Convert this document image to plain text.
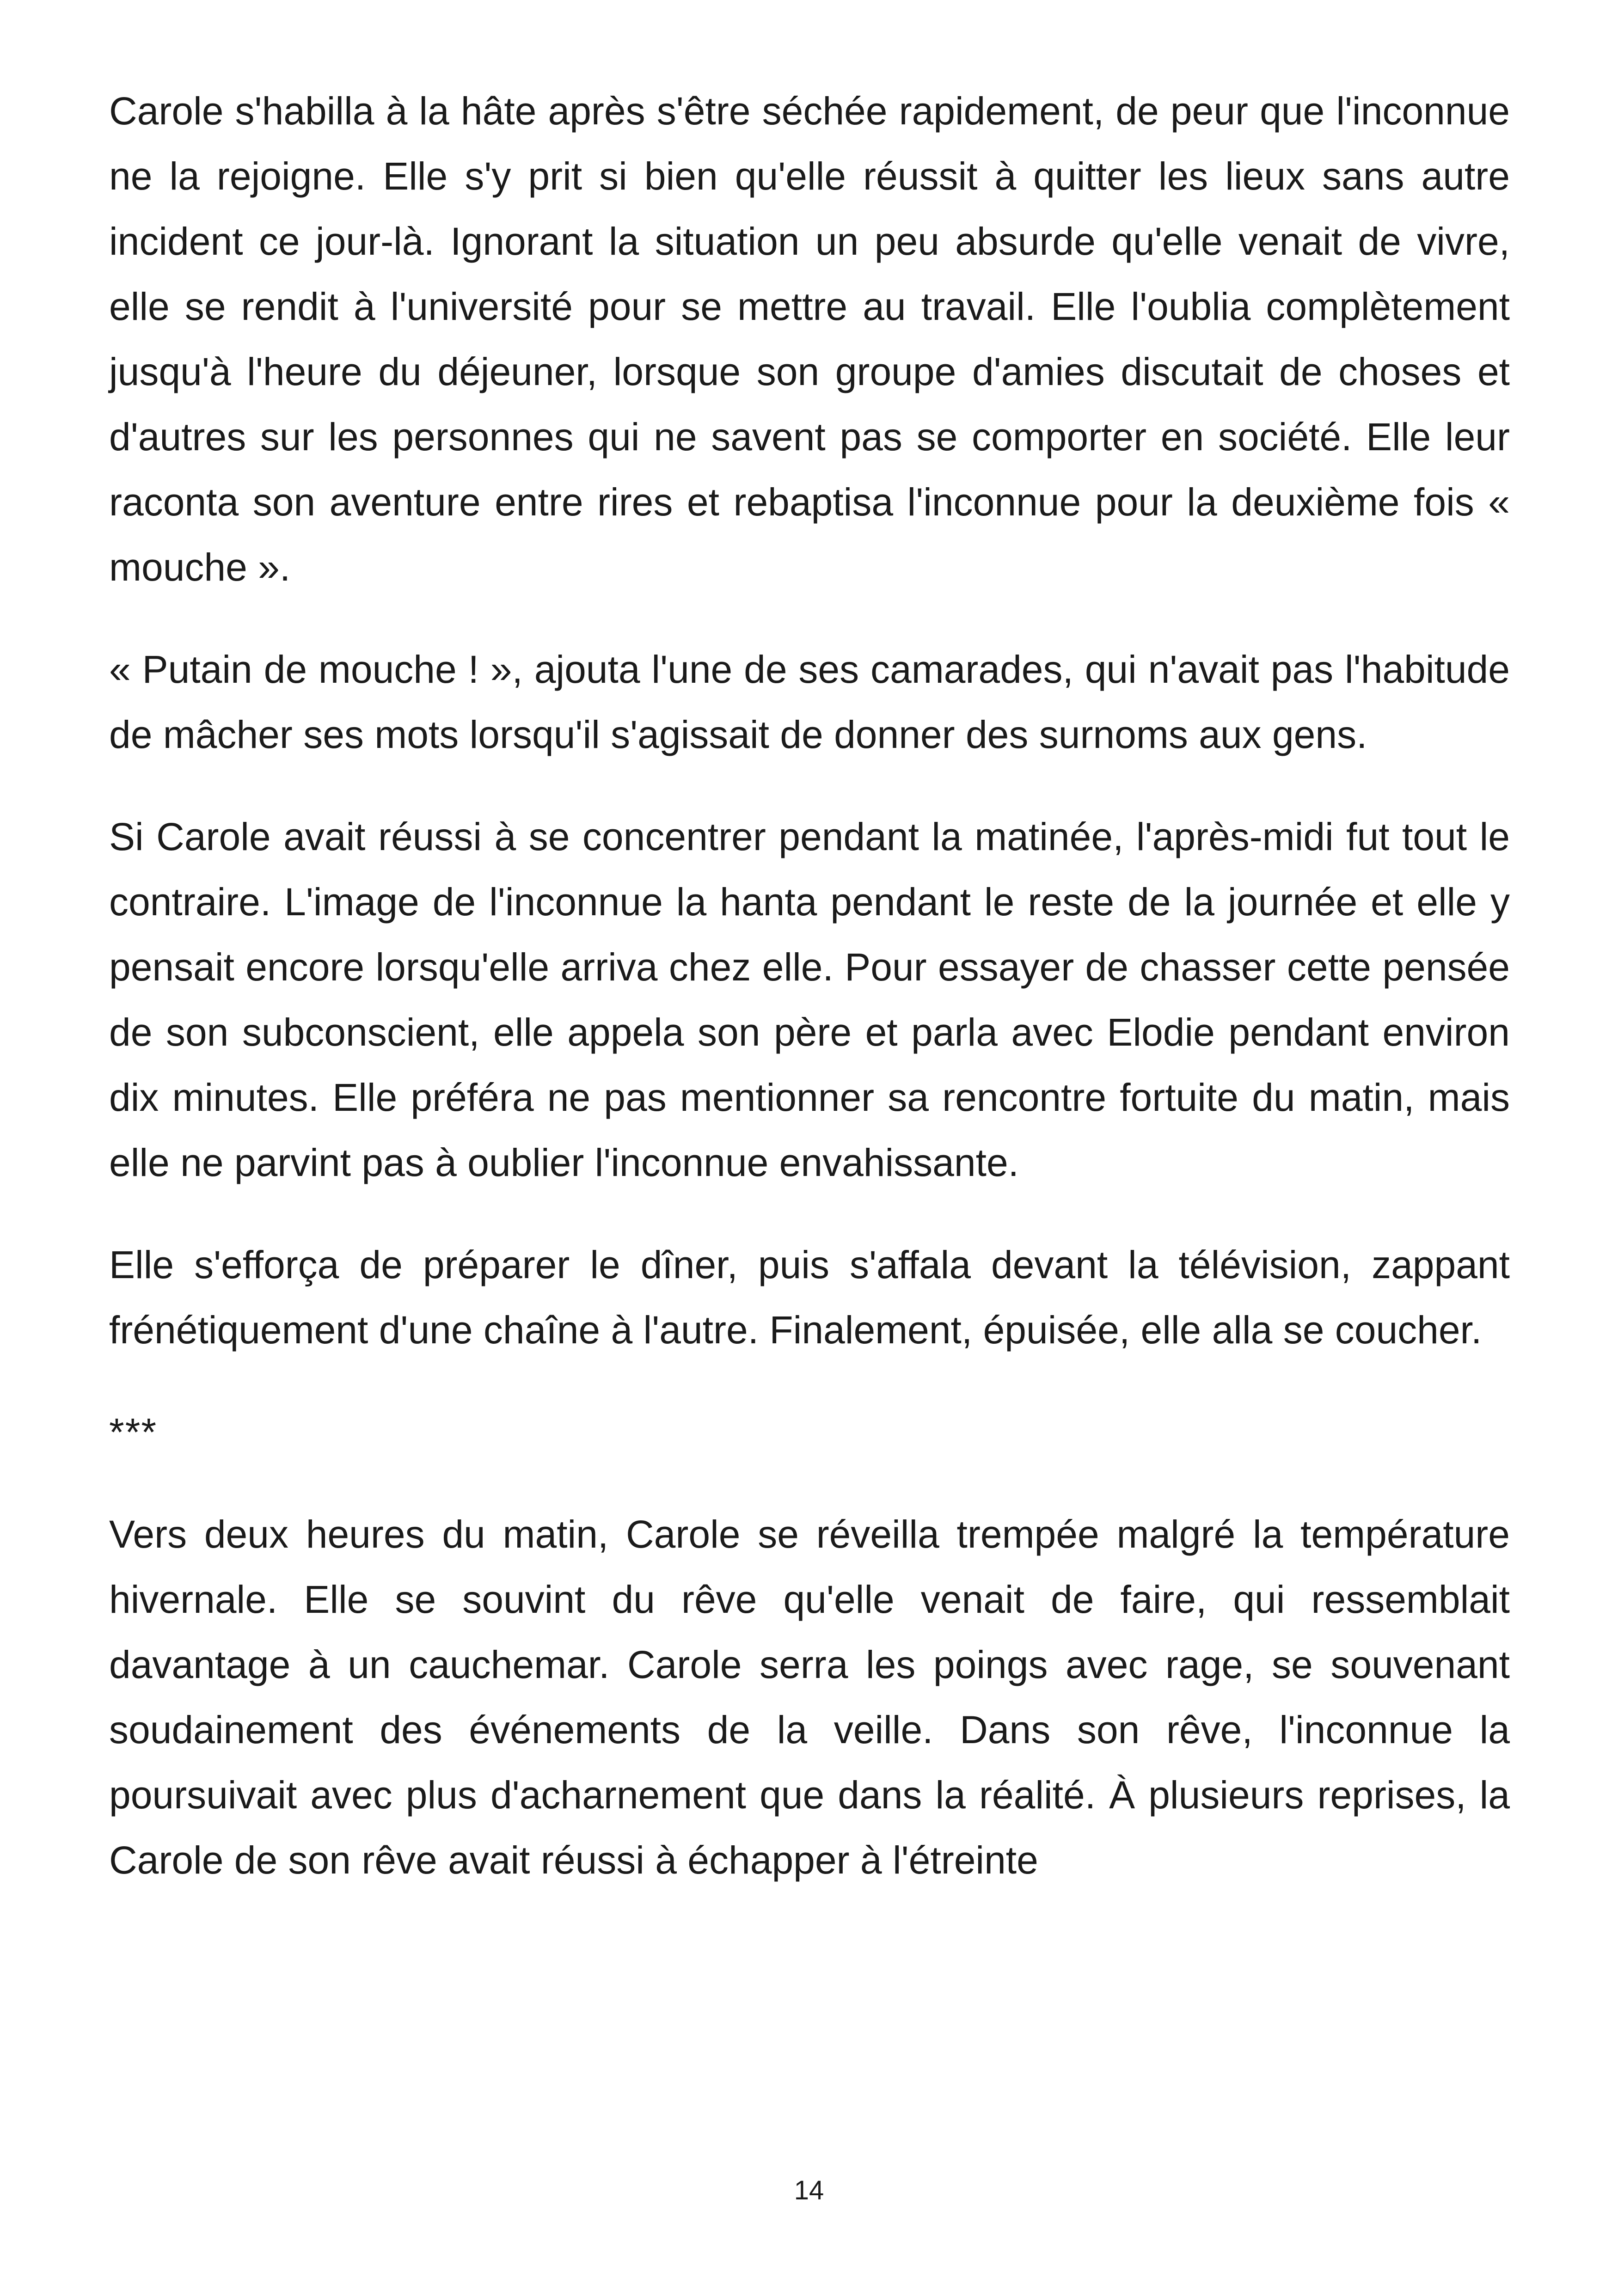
Carole s'habilla à la hâte après s'être séchée rapidement, de peur que l'inconnue ne la rejoigne. Elle s'y prit si bien qu'elle réussit à quitter les lieux sans autre incident ce jour-là. Ignorant la situation un peu absurde qu'elle venait de vivre, elle se rendit à l'université pour se mettre au travail. Elle l'oublia complètement jusqu'à l'heure du déjeuner, lorsque son groupe d'amies discutait de choses et d'autres sur les personnes qui ne savent pas se comporter en société. Elle leur raconta son aventure entre rires et rebaptisa l'inconnue pour la deuxième fois « mouche ».

« Putain de mouche ! », ajouta l'une de ses camarades, qui n'avait pas l'habitude de mâcher ses mots lorsqu'il s'agissait de donner des surnoms aux gens.

Si Carole avait réussi à se concentrer pendant la matinée, l'après-midi fut tout le contraire. L'image de l'inconnue la hanta pendant le reste de la journée et elle y pensait encore lorsqu'elle arriva chez elle. Pour essayer de chasser cette pensée de son subconscient, elle appela son père et parla avec Elodie pendant environ dix minutes. Elle préféra ne pas mentionner sa rencontre fortuite du matin, mais elle ne parvint pas à oublier l'inconnue envahissante.

Elle s'efforça de préparer le dîner, puis s'affala devant la télévision, zappant frénétiquement d'une chaîne à l'autre. Finalement, épuisée, elle alla se coucher.

***

Vers deux heures du matin, Carole se réveilla trempée malgré la température hivernale. Elle se souvint du rêve qu'elle venait de faire, qui ressemblait davantage à un cauchemar. Carole serra les poings avec rage, se souvenant soudainement des événements de la veille. Dans son rêve, l'inconnue la poursuivait avec plus d'acharnement que dans la réalité. À plusieurs reprises, la Carole de son rêve avait réussi à échapper à l'étreinte

14
